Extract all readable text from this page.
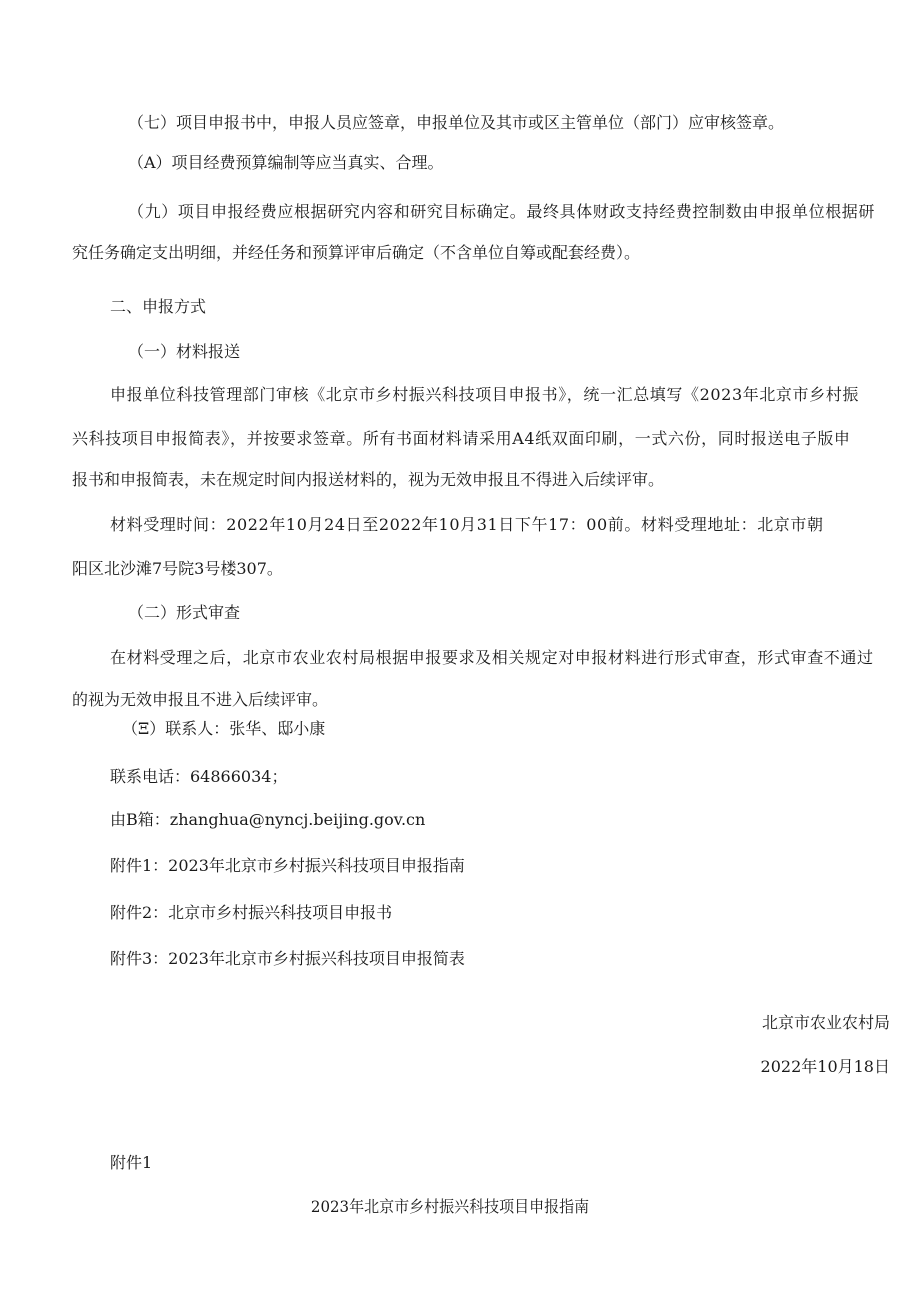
（七）项目申报书中，申报人员应签章，申报单位及其市或区主管单位（部门）应审核签章。

（A）项目经费预算编制等应当真实、合理。

（九）项目申报经费应根据研究内容和研究目标确定。最终具体财政支持经费控制数由申报单位根据研

究任务确定支出明细，并经任务和预算评审后确定（不含单位自筹或配套经费）。

二、申报方式

（一）材料报送

申报单位科技管理部门审核《北京市乡村振兴科技项目申报书》，统一汇总填写《2023年北京市乡村振

兴科技项目申报简表》，并按要求签章。所有书面材料请采用A4纸双面印刷，一式六份，同时报送电子版申

报书和申报简表，未在规定时间内报送材料的，视为无效申报且不得进入后续评审。

材料受理时间：2022年10月24日至2022年10月31日下午17：00前。材料受理地址：北京市朝

阳区北沙滩7号院3号楼307。

（二）形式审查

在材料受理之后，北京市农业农村局根据申报要求及相关规定对申报材料进行形式审查，形式审查不通过

的视为无效申报且不进入后续评审。

（Ξ）联系人：张华、邸小康

联系电话：64866034；

由B箱：zhanghua@nyncj.beijing.gov.cn

附件1：2023年北京市乡村振兴科技项目申报指南

附件2：北京市乡村振兴科技项目申报书

附件3：2023年北京市乡村振兴科技项目申报简表

北京市农业农村局

2022年10月18日

附件1

2023年北京市乡村振兴科技项目申报指南
